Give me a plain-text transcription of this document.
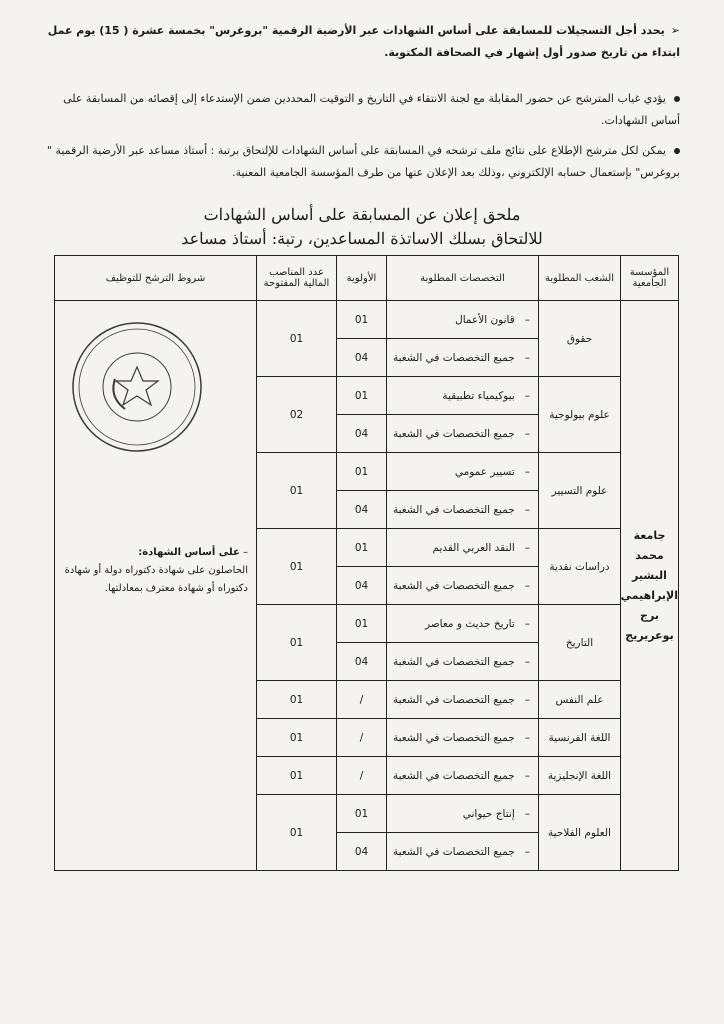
➢يحدد أجل التسجيلات للمسابقة على أساس الشهادات عبر الأرضية الرقمية "بروغرس" بخمسة عشرة ( 15) يوم عمل ابتداء من تاريخ صدور أول إشهار في الصحافة المكتوبة.
يؤدي غياب المترشح عن حضور المقابلة مع لجنة الانتقاء في التاريخ و التوقيت المحددين ضمن الإستدعاء إلى إقصائه من المسابقة على أساس الشهادات.
يمكن لكل مترشح الإطلاع على نتائج ملف ترشحه في المسابقة على أساس الشهادات للإلتحاق برتبة : أستاذ مساعد عبر الأرضية الرقمية " بروغرس" بإستعمال حسابه الإلكتروني ،وذلك بعد الإعلان عنها من طرف المؤسسة الجامعية المعنية.
ملحق إعلان عن المسابقة على أساس الشهادات
للالتحاق بسلك الاساتذة المساعدين، رتبة: أستاذ مساعد
المؤسسة الجامعية	الشعب المطلوبة	التخصصات المطلوبة	الأولوية	عدد المناصب المالية المفتوحة	شروط الترشح للتوظيف
جامعة محمد البشير الإبراهيمي برج بوعريريج	حقوق	–قانون الأعمال	01	01	– على أساس الشهادة:
الحاصلون على شهادة دكتوراه دولة أو شهادة دكتوراه أو شهادة معترف بمعادلتها.

		–جميع التخصصات في الشعبة	04		
	علوم بيولوجية	–بيوكيمياء تطبيقية	01	02	
		–جميع التخصصات في الشعبة	04		
	علوم التسيير	–تسيير عمومي	01	01	
		–جميع التخصصات في الشعبة	04		
	دراسات نقدية	–النقد العربي القديم	01	01	
		–جميع التخصصات في الشعبة	04		
	التاريخ	–تاريخ حديث و معاصر	01	01	
		–جميع التخصصات في الشعبة	04		
	علم النفس	–جميع التخصصات في الشعبة	/	01	
	اللغة الفرنسية	–جميع التخصصات في الشعبة	/	01	
	اللغة الإنجليزية	–جميع التخصصات في الشعبة	/	01	
	العلوم الفلاحية	–إنتاج حيواني	01	01	
		–جميع التخصصات في الشعبة	04		
